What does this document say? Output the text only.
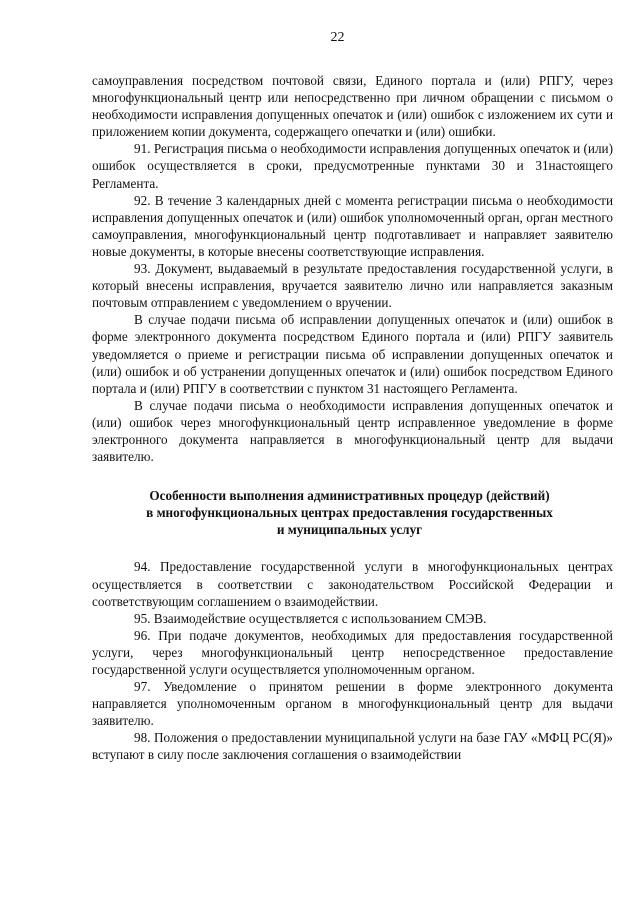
22

самоуправления посредством почтовой связи, Единого портала и (или) РПГУ, через многофункциональный центр или непосредственно при личном обращении с письмом о необходимости исправления допущенных опечаток и (или) ошибок с изложением их сути и приложением копии документа, содержащего опечатки и (или) ошибки.

91. Регистрация письма о необходимости исправления допущенных опечаток и (или) ошибок осуществляется в сроки, предусмотренные пунктами 30 и 31настоящего Регламента.

92. В течение 3 календарных дней с момента регистрации письма о необходимости исправления допущенных опечаток и (или) ошибок уполномоченный орган, орган местного самоуправления, многофункциональный центр подготавливает и направляет заявителю новые документы, в которые внесены соответствующие исправления.

93. Документ, выдаваемый в результате предоставления государственной услуги, в который внесены исправления, вручается заявителю лично или направляется заказным почтовым отправлением с уведомлением о вручении.

В случае подачи письма об исправлении допущенных опечаток и (или) ошибок в форме электронного документа посредством Единого портала и (или) РПГУ заявитель уведомляется о приеме и регистрации письма об исправлении допущенных опечаток и (или) ошибок и об устранении допущенных опечаток и (или) ошибок посредством Единого портала и (или) РПГУ в соответствии с пунктом 31 настоящего Регламента.

В случае подачи письма о необходимости исправления допущенных опечаток и (или) ошибок через многофункциональный центр исправленное уведомление в форме электронного документа направляется в многофункциональный центр для выдачи заявителю.

Особенности выполнения административных процедур (действий)
в многофункциональных центрах предоставления государственных
и муниципальных услуг

94. Предоставление государственной услуги в многофункциональных центрах осуществляется в соответствии с законодательством Российской Федерации и соответствующим соглашением о взаимодействии.

95. Взаимодействие осуществляется с использованием СМЭВ.

96. При подаче документов, необходимых для предоставления государственной услуги, через многофункциональный центр непосредственное предоставление государственной услуги осуществляется уполномоченным органом.

97. Уведомление о принятом решении в форме электронного документа направляется уполномоченным органом в многофункциональный центр для выдачи заявителю.

98. Положения о предоставлении муниципальной услуги на базе ГАУ «МФЦ РС(Я)» вступают в силу после заключения соглашения о взаимодействии
